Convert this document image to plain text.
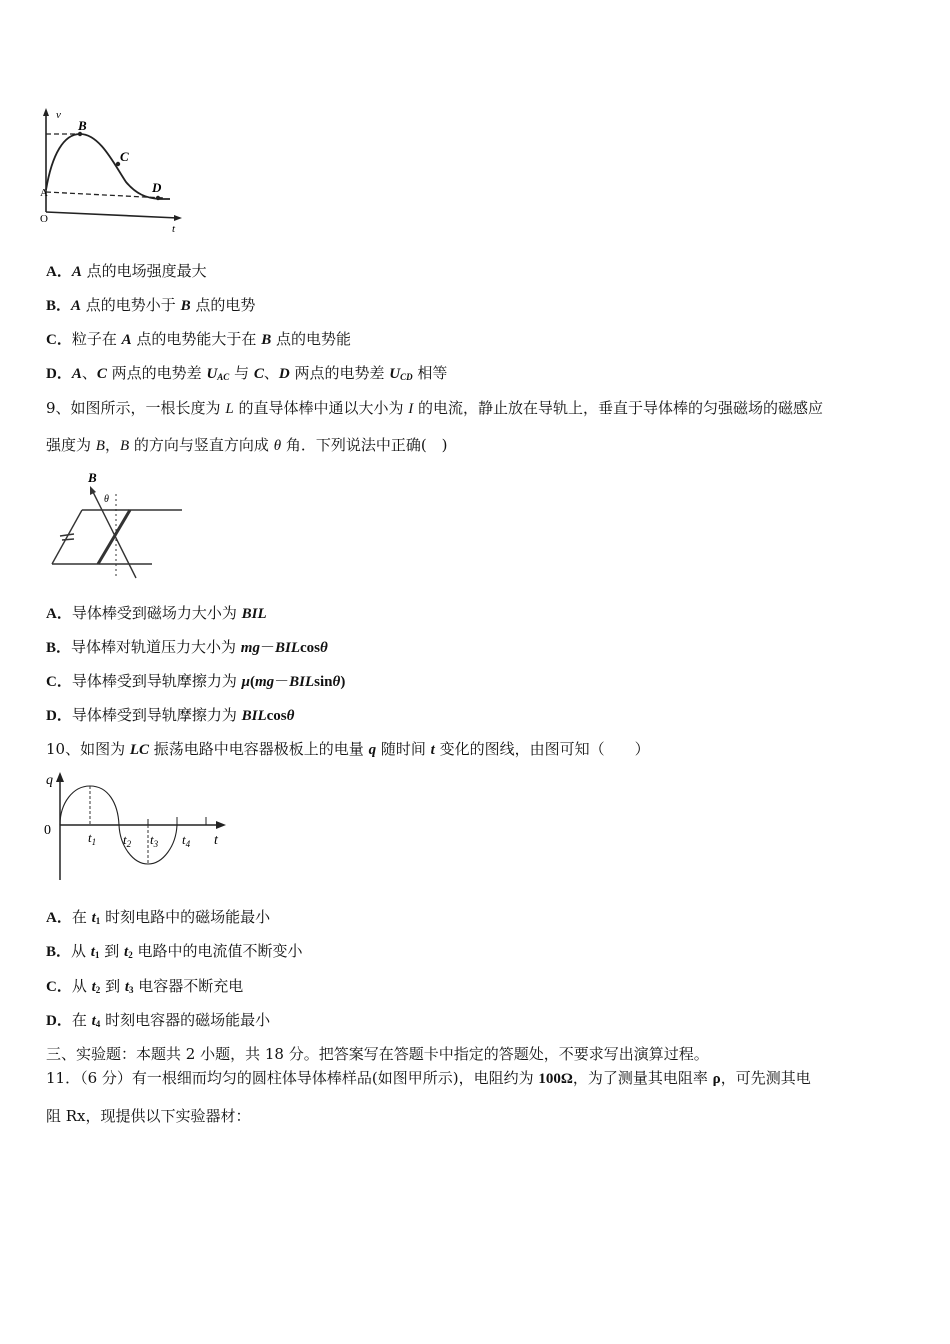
v
B
C
D
A
O
t
A．A 点的电场强度最大
B．A 点的电势小于 B 点的电势
C．粒子在 A 点的电势能大于在 B 点的电势能
D．A、C 两点的电势差 $U_{AC}$ 与 C、D 两点的电势差 $U_{CD}$ 相等
9、如图所示，一根长度为 L 的直导体棒中通以大小为 I 的电流，静止放在导轨上，垂直于导体棒的匀强磁场的磁感应
强度为 B，B 的方向与竖直方向成 θ 角．下列说法中正确(　)
B
θ
A．导体棒受到磁场力大小为 BIL
B．导体棒对轨道压力大小为 mg－BILcosθ
C．导体棒受到导轨摩擦力为 μ(mg－BILsinθ)
D．导体棒受到导轨摩擦力为 BILcosθ
10、如图为 LC 振荡电路中电容器极板上的电量 q 随时间 t 变化的图线，由图可知（　　）
q
0	$t_1$ $t_2$ $t_3$ $t_4$ t
A．在 $t_1$ 时刻电路中的磁场能最小
B．从 $t_1$ 到 $t_2$ 电路中的电流值不断变小
C．从 $t_2$ 到 $t_3$ 电容器不断充电
D．在 $t_4$ 时刻电容器的磁场能最小
三、实验题：本题共 2 小题，共 18 分。把答案写在答题卡中指定的答题处，不要求写出演算过程。
11．（6 分）有一根细而均匀的圆柱体导体棒样品(如图甲所示)，电阻约为 100Ω，为了测量其电阻率 ρ，可先测其电
阻 Rx，现提供以下实验器材：
